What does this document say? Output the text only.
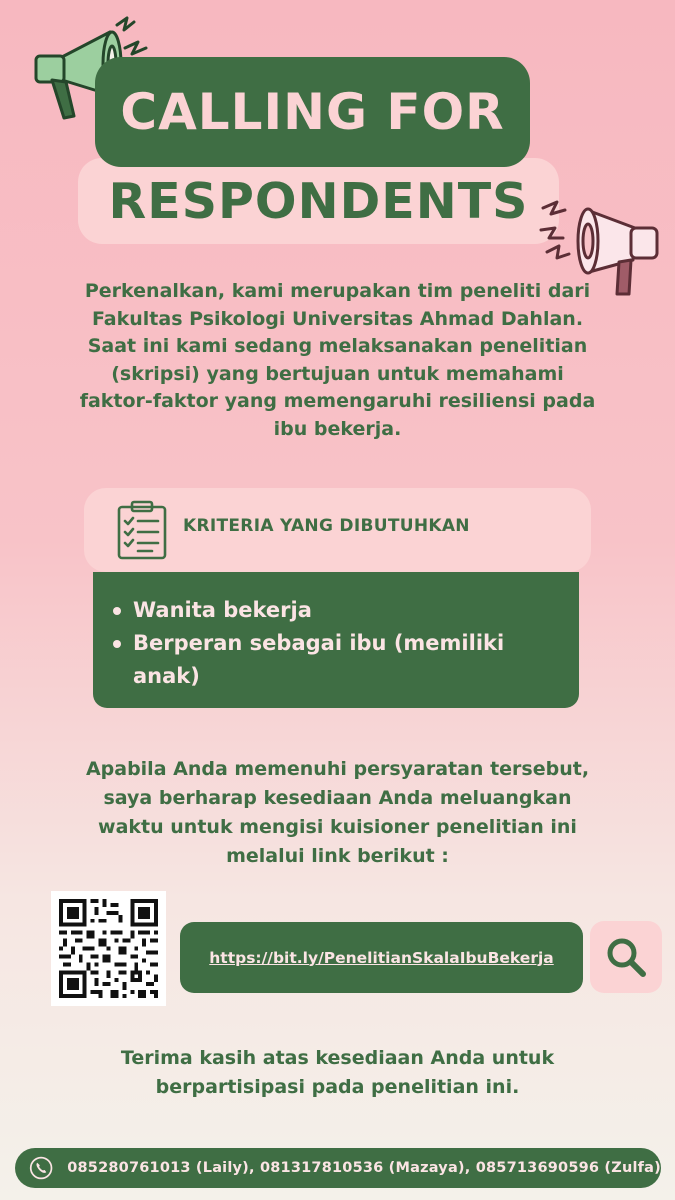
RESPONDENTS
CALLING FOR
Perkenalkan, kami merupakan tim peneliti dari
Fakultas Psikologi Universitas Ahmad Dahlan.
Saat ini kami sedang melaksanakan penelitian
(skripsi) yang bertujuan untuk memahami
faktor-faktor yang memengaruhi resiliensi pada
ibu bekerja.
Wanita bekerja
Berperan sebagai ibu (memiliki anak)
KRITERIA YANG DIBUTUHKAN
Apabila Anda memenuhi persyaratan tersebut,
saya berharap kesediaan Anda meluangkan
waktu untuk mengisi kuisioner penelitian ini
melalui link berikut :
https://bit.ly/PenelitianSkalaIbuBekerja
Terima kasih atas kesediaan Anda untuk
berpartisipasi pada penelitian ini.
085280761013 (Laily), 081317810536 (Mazaya), 085713690596 (Zulfa)
